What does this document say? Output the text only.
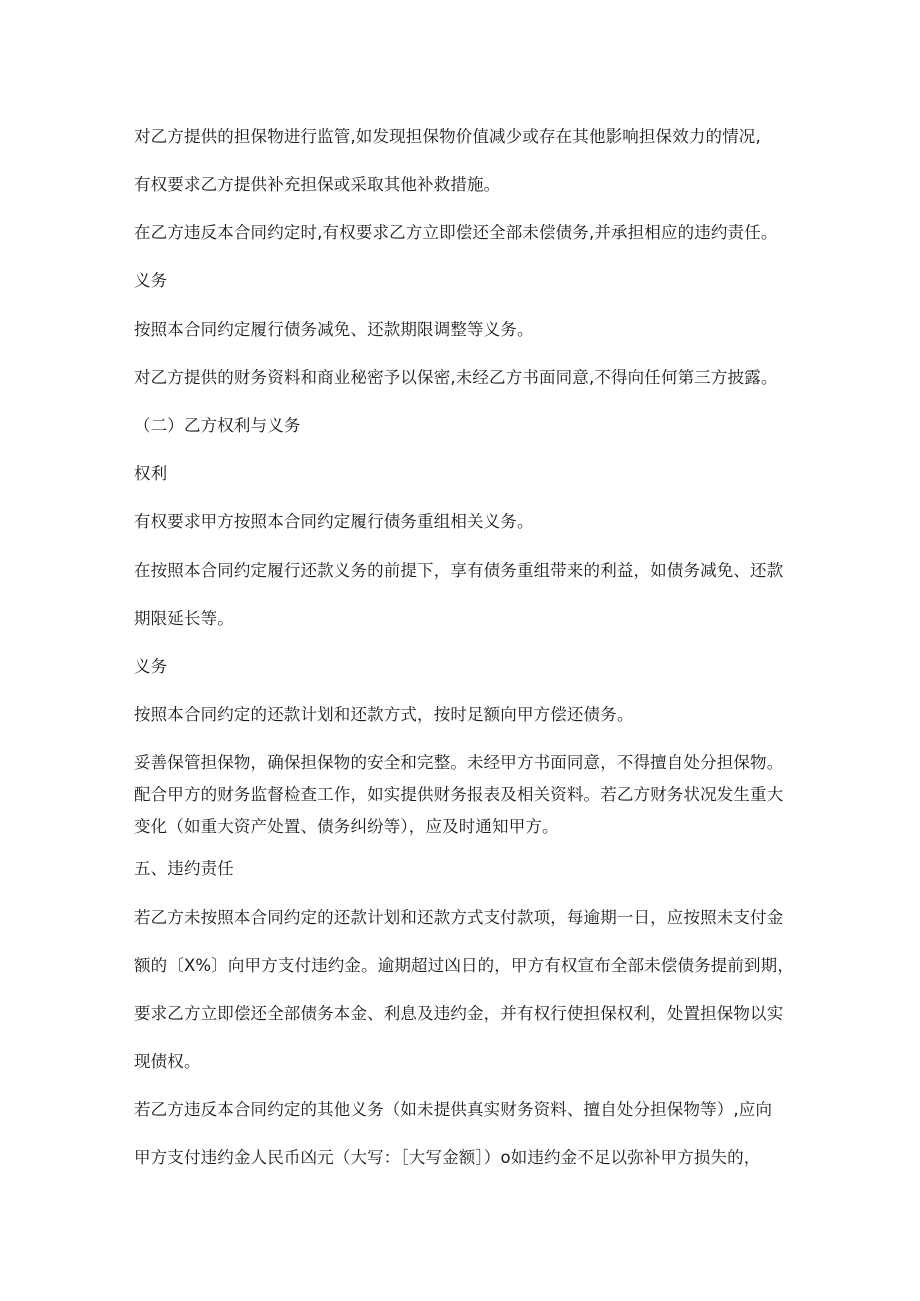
对乙方提供的担保物进行监管,如发现担保物价值减少或存在其他影响担保效力的情况,
有权要求乙方提供补充担保或采取其他补救措施。
在乙方违反本合同约定时,有权要求乙方立即偿还全部未偿债务,并承担相应的违约责任。
义务
按照本合同约定履行债务减免、还款期限调整等义务。
对乙方提供的财务资料和商业秘密予以保密,未经乙方书面同意,不得向任何第三方披露。
（二）乙方权利与义务
权利
有权要求甲方按照本合同约定履行债务重组相关义务。
在按照本合同约定履行还款义务的前提下，享有债务重组带来的利益，如债务减免、还款
期限延长等。
义务
按照本合同约定的还款计划和还款方式，按时足额向甲方偿还债务。
妥善保管担保物，确保担保物的安全和完整。未经甲方书面同意，不得擅自处分担保物。
配合甲方的财务监督检查工作，如实提供财务报表及相关资料。若乙方财务状况发生重大
变化（如重大资产处置、债务纠纷等），应及时通知甲方。
五、违约责任
若乙方未按照本合同约定的还款计划和还款方式支付款项，每逾期一日，应按照未支付金
额的〔X%〕向甲方支付违约金。逾期超过凶日的，甲方有权宣布全部未偿债务提前到期，
要求乙方立即偿还全部债务本金、利息及违约金，并有权行使担保权利，处置担保物以实
现债权。
若乙方违反本合同约定的其他义务（如未提供真实财务资料、擅自处分担保物等）,应向
甲方支付违约金人民币凶元（大写：［大写金额］）o如违约金不足以弥补甲方损失的，
